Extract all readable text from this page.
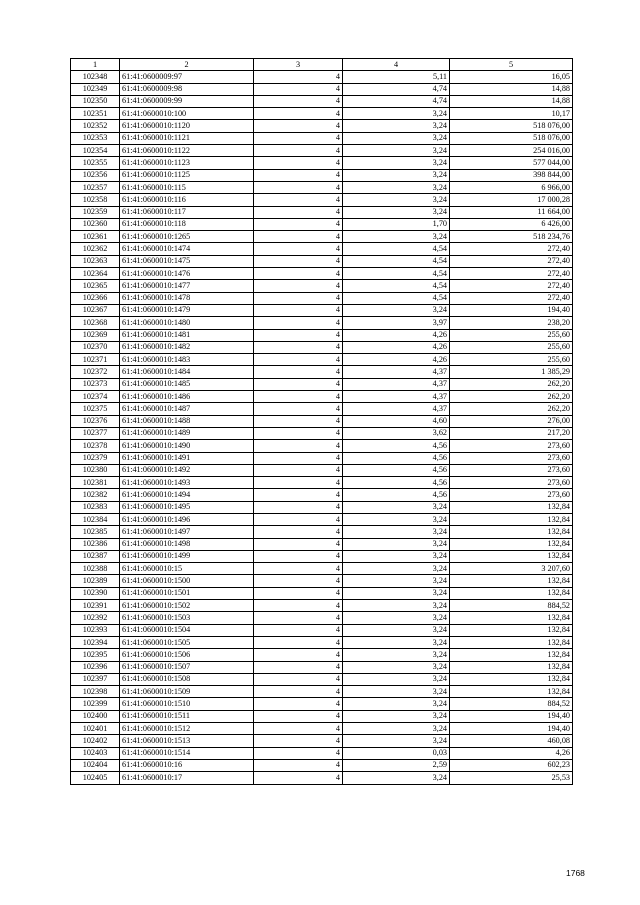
1	2	3	4	5
102348	61:41:0600009:97	4	5,11	16,05
102349	61:41:0600009:98	4	4,74	14,88
102350	61:41:0600009:99	4	4,74	14,88
102351	61:41:0600010:100	4	3,24	10,17
102352	61:41:0600010:1120	4	3,24	518 076,00
102353	61:41:0600010:1121	4	3,24	518 076,00
102354	61:41:0600010:1122	4	3,24	254 016,00
102355	61:41:0600010:1123	4	3,24	577 044,00
102356	61:41:0600010:1125	4	3,24	398 844,00
102357	61:41:0600010:115	4	3,24	6 966,00
102358	61:41:0600010:116	4	3,24	17 000,28
102359	61:41:0600010:117	4	3,24	11 664,00
102360	61:41:0600010:118	4	1,70	6 426,00
102361	61:41:0600010:1265	4	3,24	518 234,76
102362	61:41:0600010:1474	4	4,54	272,40
102363	61:41:0600010:1475	4	4,54	272,40
102364	61:41:0600010:1476	4	4,54	272,40
102365	61:41:0600010:1477	4	4,54	272,40
102366	61:41:0600010:1478	4	4,54	272,40
102367	61:41:0600010:1479	4	3,24	194,40
102368	61:41:0600010:1480	4	3,97	238,20
102369	61:41:0600010:1481	4	4,26	255,60
102370	61:41:0600010:1482	4	4,26	255,60
102371	61:41:0600010:1483	4	4,26	255,60
102372	61:41:0600010:1484	4	4,37	1 385,29
102373	61:41:0600010:1485	4	4,37	262,20
102374	61:41:0600010:1486	4	4,37	262,20
102375	61:41:0600010:1487	4	4,37	262,20
102376	61:41:0600010:1488	4	4,60	276,00
102377	61:41:0600010:1489	4	3,62	217,20
102378	61:41:0600010:1490	4	4,56	273,60
102379	61:41:0600010:1491	4	4,56	273,60
102380	61:41:0600010:1492	4	4,56	273,60
102381	61:41:0600010:1493	4	4,56	273,60
102382	61:41:0600010:1494	4	4,56	273,60
102383	61:41:0600010:1495	4	3,24	132,84
102384	61:41:0600010:1496	4	3,24	132,84
102385	61:41:0600010:1497	4	3,24	132,84
102386	61:41:0600010:1498	4	3,24	132,84
102387	61:41:0600010:1499	4	3,24	132,84
102388	61:41:0600010:15	4	3,24	3 207,60
102389	61:41:0600010:1500	4	3,24	132,84
102390	61:41:0600010:1501	4	3,24	132,84
102391	61:41:0600010:1502	4	3,24	884,52
102392	61:41:0600010:1503	4	3,24	132,84
102393	61:41:0600010:1504	4	3,24	132,84
102394	61:41:0600010:1505	4	3,24	132,84
102395	61:41:0600010:1506	4	3,24	132,84
102396	61:41:0600010:1507	4	3,24	132,84
102397	61:41:0600010:1508	4	3,24	132,84
102398	61:41:0600010:1509	4	3,24	132,84
102399	61:41:0600010:1510	4	3,24	884,52
102400	61:41:0600010:1511	4	3,24	194,40
102401	61:41:0600010:1512	4	3,24	194,40
102402	61:41:0600010:1513	4	3,24	460,08
102403	61:41:0600010:1514	4	0,03	4,26
102404	61:41:0600010:16	4	2,59	602,23
102405	61:41:0600010:17	4	3,24	25,53
1768
